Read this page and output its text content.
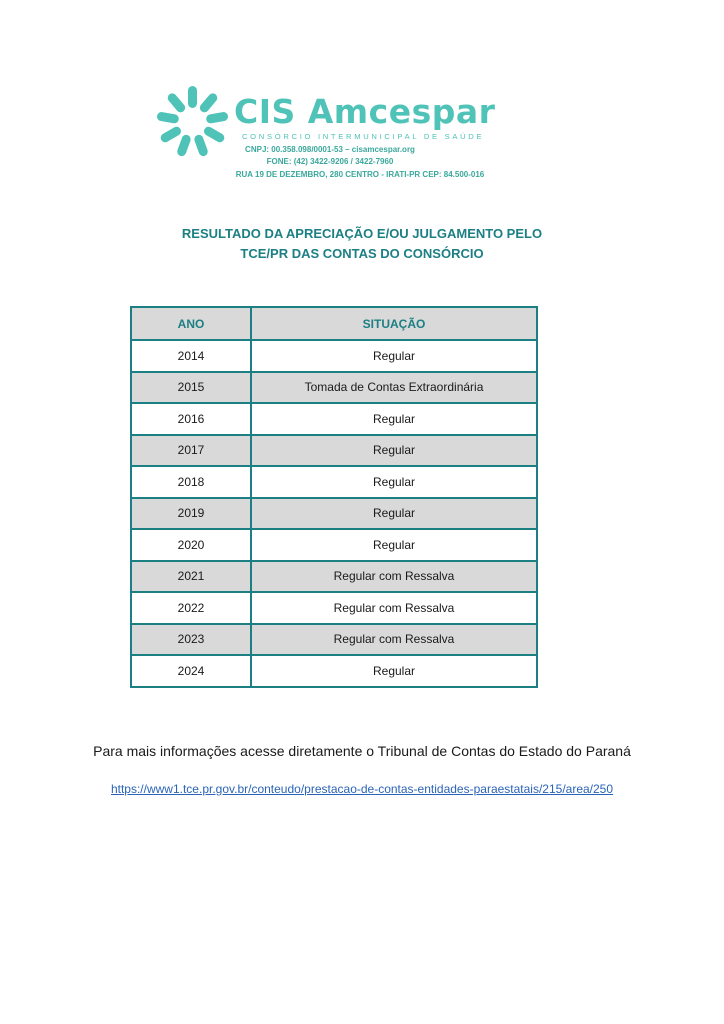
CIS Amcespar
CONSÓRCIO INTERMUNICIPAL DE SAÚDE
CNPJ: 00.358.098/0001-53 – cisamcespar.org
FONE: (42) 3422-9206 / 3422-7960
RUA 19 DE DEZEMBRO, 280 CENTRO - IRATI-PR CEP: 84.500-016
RESULTADO DA APRECIAÇÃO E/OU JULGAMENTO PELO
TCE/PR DAS CONTAS DO CONSÓRCIO
ANO	SITUAÇÃO
2014	Regular
2015	Tomada de Contas Extraordinária
2016	Regular
2017	Regular
2018	Regular
2019	Regular
2020	Regular
2021	Regular com Ressalva
2022	Regular com Ressalva
2023	Regular com Ressalva
2024	Regular
Para mais informações acesse diretamente o Tribunal de Contas do Estado do Paraná
https://www1.tce.pr.gov.br/conteudo/prestacao-de-contas-entidades-paraestatais/215/area/250
